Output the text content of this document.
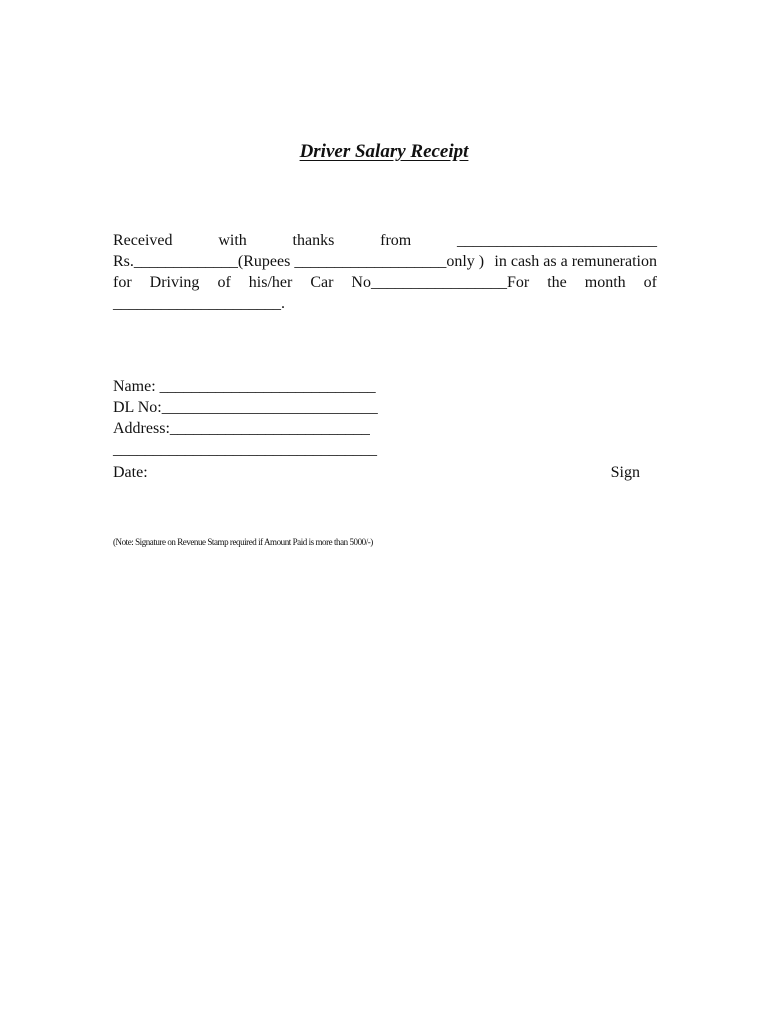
Driver Salary Receipt
Received	with	thanks	from	_________________________
Rs._____________(Rupees ___________________only ) in cash as a remuneration
for Driving of his/her Car No_________________For the month of
_____________________.
Name: ___________________________
DL No:___________________________
Address:_________________________
_________________________________
Date:	Sign
(Note: Signature on Revenue Stamp required if Amount Paid is more than 5000/-)
